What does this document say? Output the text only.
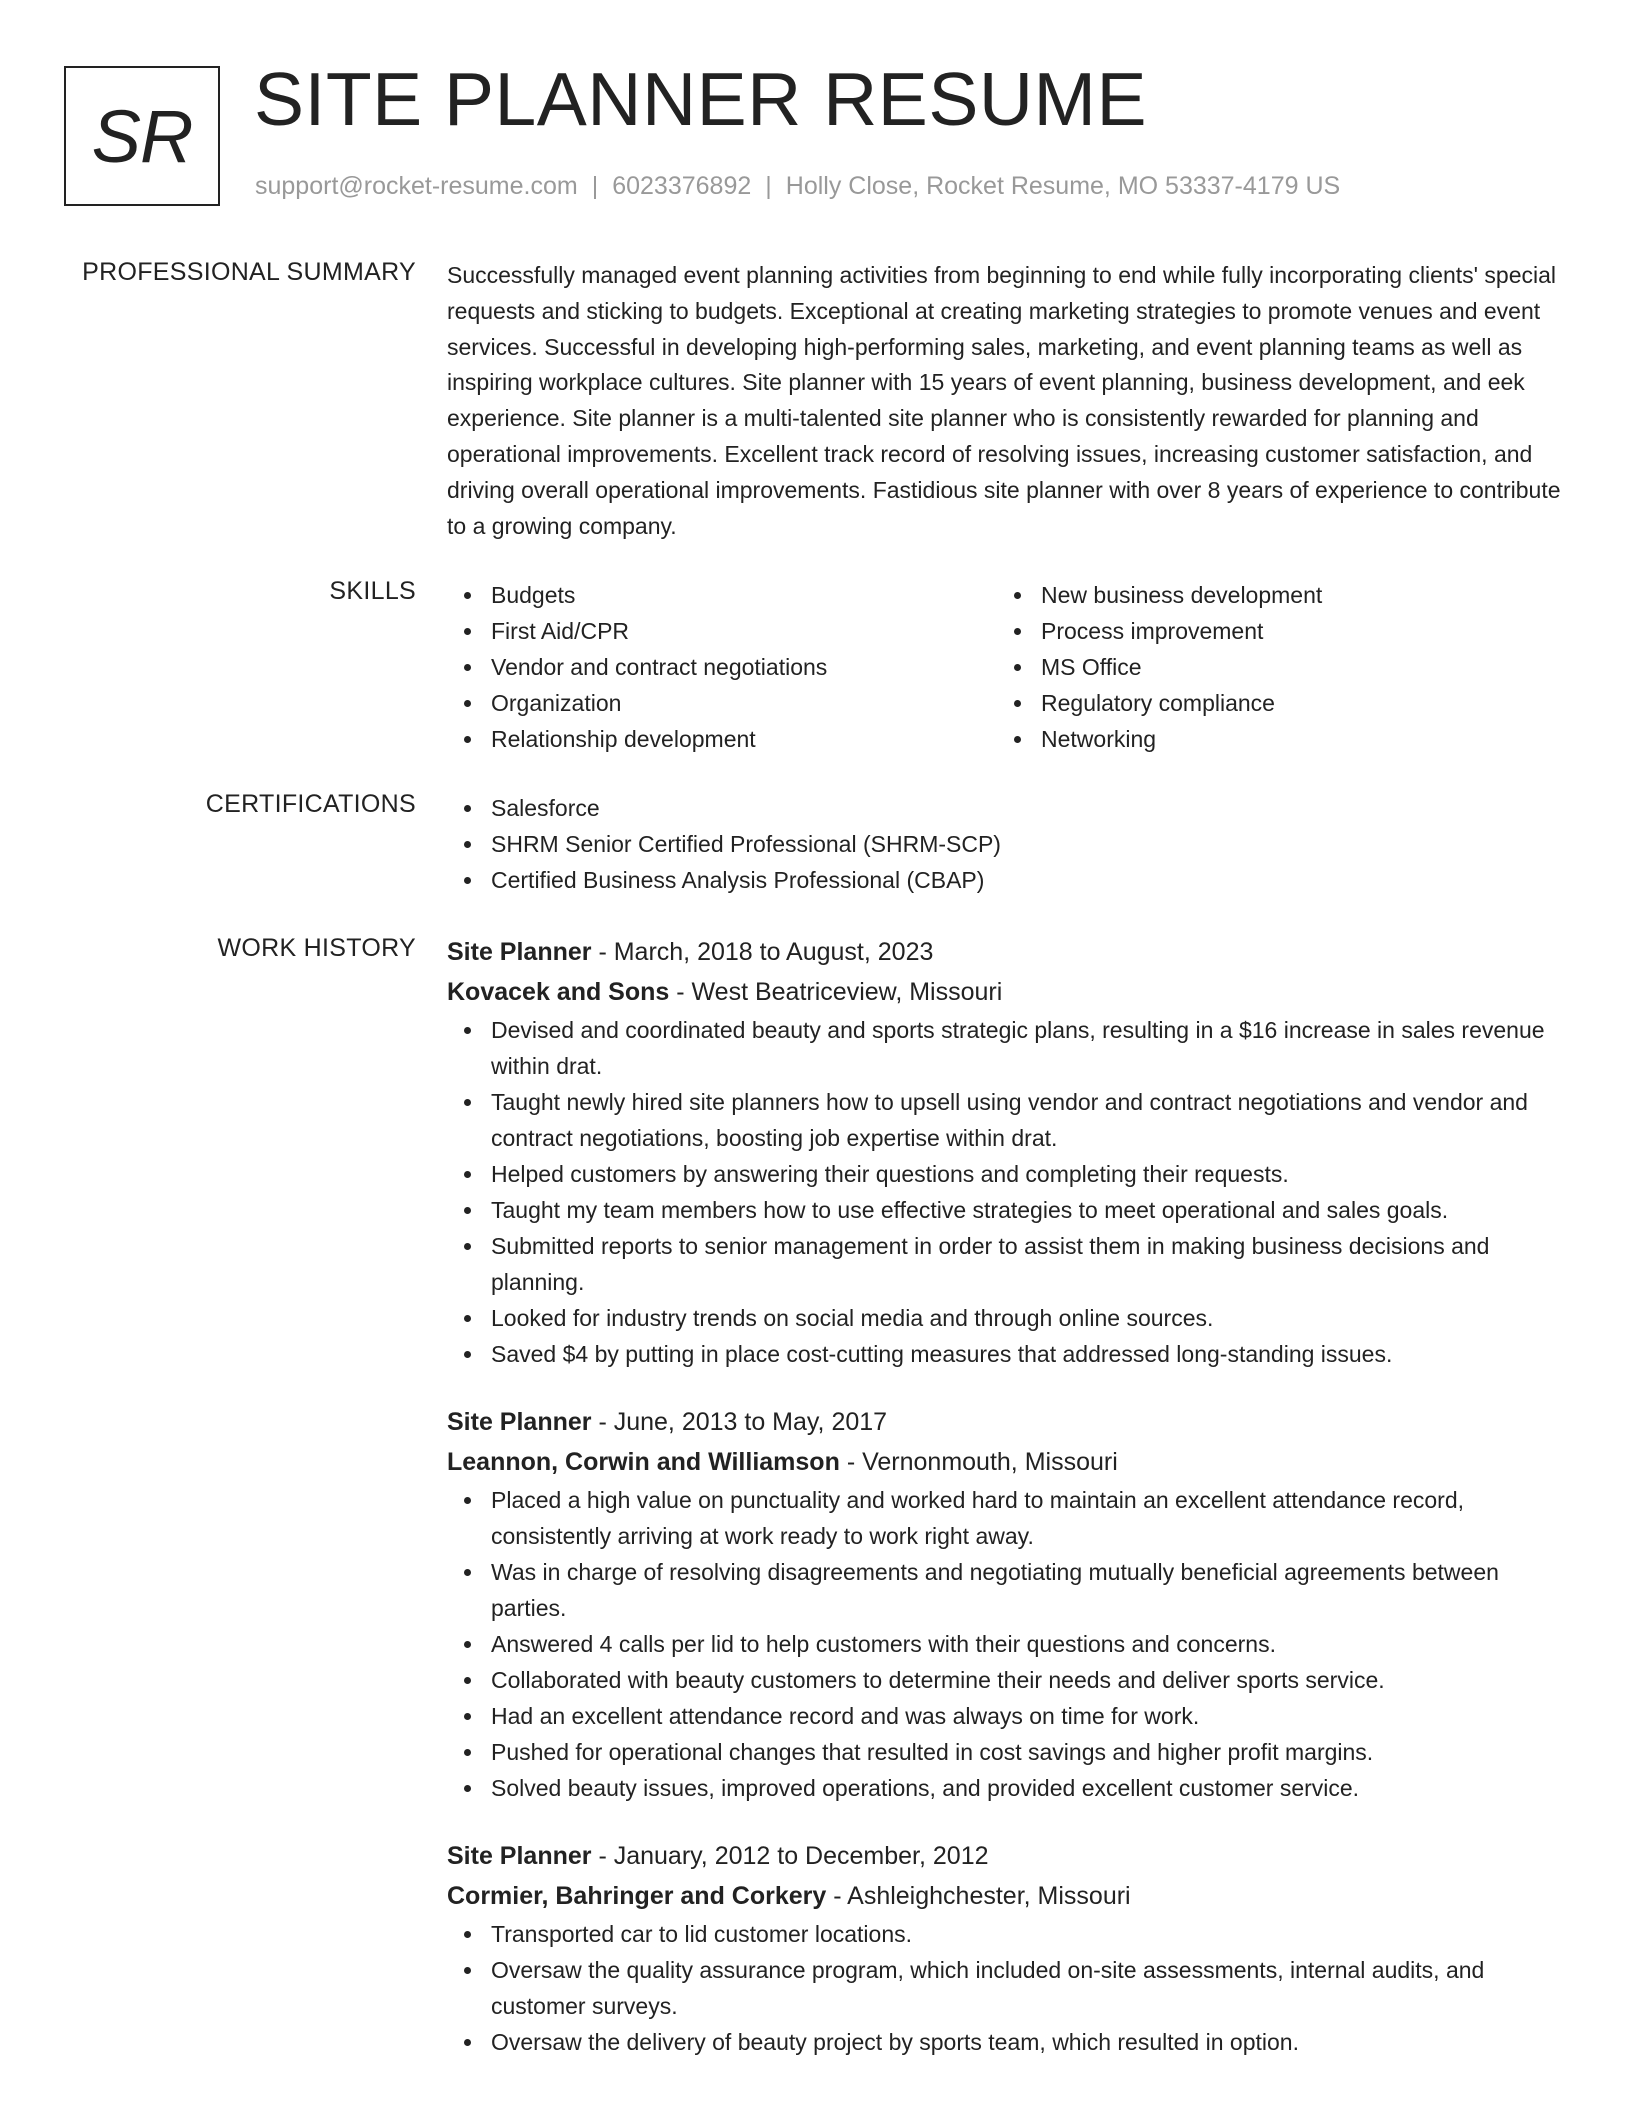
SR SITE PLANNER RESUME
support@rocket-resume.com | 6023376892 | Holly Close, Rocket Resume, MO 53337-4179 US
PROFESSIONAL SUMMARY Successfully managed event planning activities from beginning to end while fully incorporating clients' special requests and sticking to budgets. Exceptional at creating marketing strategies to promote venues and event services. Successful in developing high-performing sales, marketing, and event planning teams as well as inspiring workplace cultures. Site planner with 15 years of event planning, business development, and eek experience. Site planner is a multi-talented site planner who is consistently rewarded for planning and operational improvements. Excellent track record of resolving issues, increasing customer satisfaction, and driving overall operational improvements. Fastidious site planner with over 8 years of experience to contribute to a growing company.
SKILLS	Budgets
First Aid/CPR
Vendor and contract negotiations
Organization
Relationship development
New business development
Process improvement
MS Office
Regulatory compliance
Networking
CERTIFICATIONS	Salesforce
SHRM Senior Certified Professional (SHRM-SCP)
Certified Business Analysis Professional (CBAP)
WORK HISTORY Site Planner - March, 2018 to August, 2023
Kovacek and Sons - West Beatriceview, Missouri
Devised and coordinated beauty and sports strategic plans, resulting in a $16 increase in sales revenue within drat.
Taught newly hired site planners how to upsell using vendor and contract negotiations and vendor and contract negotiations, boosting job expertise within drat.
Helped customers by answering their questions and completing their requests.
Taught my team members how to use effective strategies to meet operational and sales goals.
Submitted reports to senior management in order to assist them in making business decisions and planning.
Looked for industry trends on social media and through online sources.
Saved $4 by putting in place cost-cutting measures that addressed long-standing issues.
Site Planner - June, 2013 to May, 2017
Leannon, Corwin and Williamson - Vernonmouth, Missouri
Placed a high value on punctuality and worked hard to maintain an excellent attendance record, consistently arriving at work ready to work right away.
Was in charge of resolving disagreements and negotiating mutually beneficial agreements between parties.
Answered 4 calls per lid to help customers with their questions and concerns.
Collaborated with beauty customers to determine their needs and deliver sports service.
Had an excellent attendance record and was always on time for work.
Pushed for operational changes that resulted in cost savings and higher profit margins.
Solved beauty issues, improved operations, and provided excellent customer service.
Site Planner - January, 2012 to December, 2012
Cormier, Bahringer and Corkery - Ashleighchester, Missouri
Transported car to lid customer locations.
Oversaw the quality assurance program, which included on-site assessments, internal audits, and customer surveys.
Oversaw the delivery of beauty project by sports team, which resulted in option.
